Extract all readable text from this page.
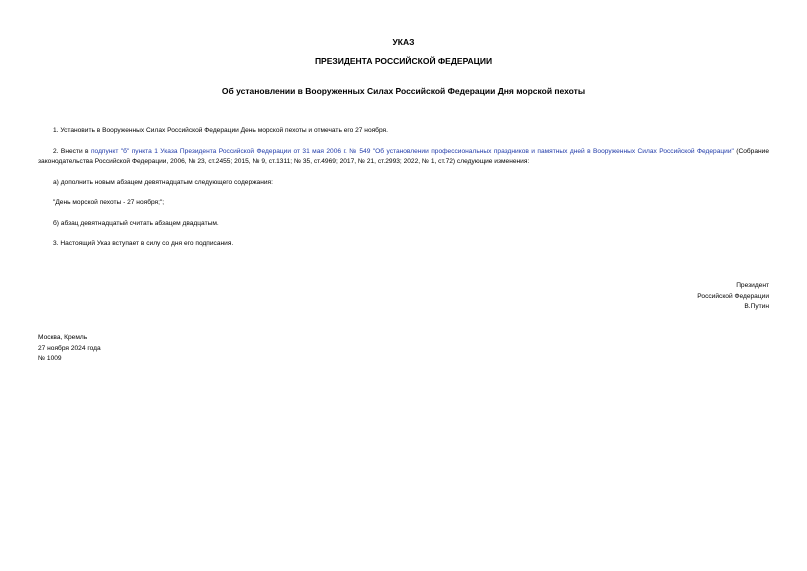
УКАЗ
ПРЕЗИДЕНТА РОССИЙСКОЙ ФЕДЕРАЦИИ
Об установлении в Вооруженных Силах Российской Федерации Дня морской пехоты
1. Установить в Вооруженных Силах Российской Федерации День морской пехоты и отмечать его 27 ноября.
2. Внести в подпункт "б" пункта 1 Указа Президента Российской Федерации от 31 мая 2006 г. № 549 "Об установлении профессиональных праздников и памятных дней в Вооруженных Силах Российской Федерации" (Собрание законодательства Российской Федерации, 2006, № 23, ст.2455; 2015, № 9, ст.1311; № 35, ст.4969; 2017, № 21, ст.2993; 2022, № 1, ст.72) следующие изменения:
а) дополнить новым абзацем девятнадцатым следующего содержания:
"День морской пехоты - 27 ноября;";
б) абзац девятнадцатый считать абзацем двадцатым.
3. Настоящий Указ вступает в силу со дня его подписания.
Президент
Российской Федерации
В.Путин
Москва, Кремль
27 ноября 2024 года
№ 1009
